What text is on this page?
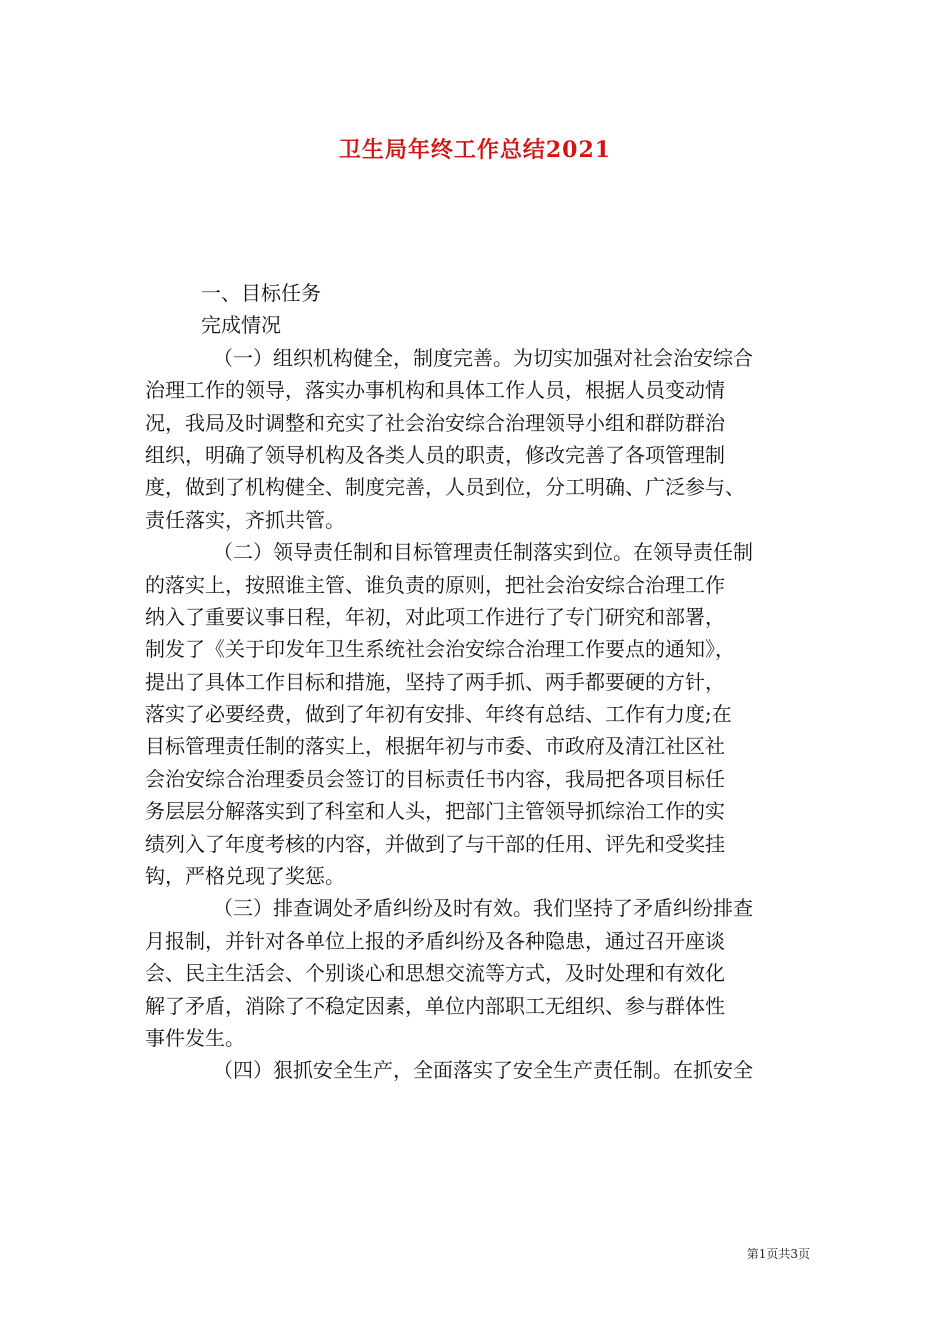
卫生局年终工作总结2021
一、目标任务
完成情况
（一）组织机构健全，制度完善。为切实加强对社会治安综合
治理工作的领导，落实办事机构和具体工作人员，根据人员变动情
况，我局及时调整和充实了社会治安综合治理领导小组和群防群治
组织，明确了领导机构及各类人员的职责，修改完善了各项管理制
度，做到了机构健全、制度完善，人员到位，分工明确、广泛参与、
责任落实，齐抓共管。
（二）领导责任制和目标管理责任制落实到位。在领导责任制
的落实上，按照谁主管、谁负责的原则，把社会治安综合治理工作
纳入了重要议事日程，年初，对此项工作进行了专门研究和部署，
制发了《关于印发年卫生系统社会治安综合治理工作要点的通知》，
提出了具体工作目标和措施，坚持了两手抓、两手都要硬的方针，
落实了必要经费，做到了年初有安排、年终有总结、工作有力度;在
目标管理责任制的落实上，根据年初与市委、市政府及清江社区社
会治安综合治理委员会签订的目标责任书内容，我局把各项目标任
务层层分解落实到了科室和人头，把部门主管领导抓综治工作的实
绩列入了年度考核的内容，并做到了与干部的任用、评先和受奖挂
钩，严格兑现了奖惩。
（三）排查调处矛盾纠纷及时有效。我们坚持了矛盾纠纷排查
月报制，并针对各单位上报的矛盾纠纷及各种隐患，通过召开座谈
会、民主生活会、个别谈心和思想交流等方式，及时处理和有效化
解了矛盾，消除了不稳定因素，单位内部职工无组织、参与群体性
事件发生。
（四）狠抓安全生产，全面落实了安全生产责任制。在抓安全
第1页共3页
